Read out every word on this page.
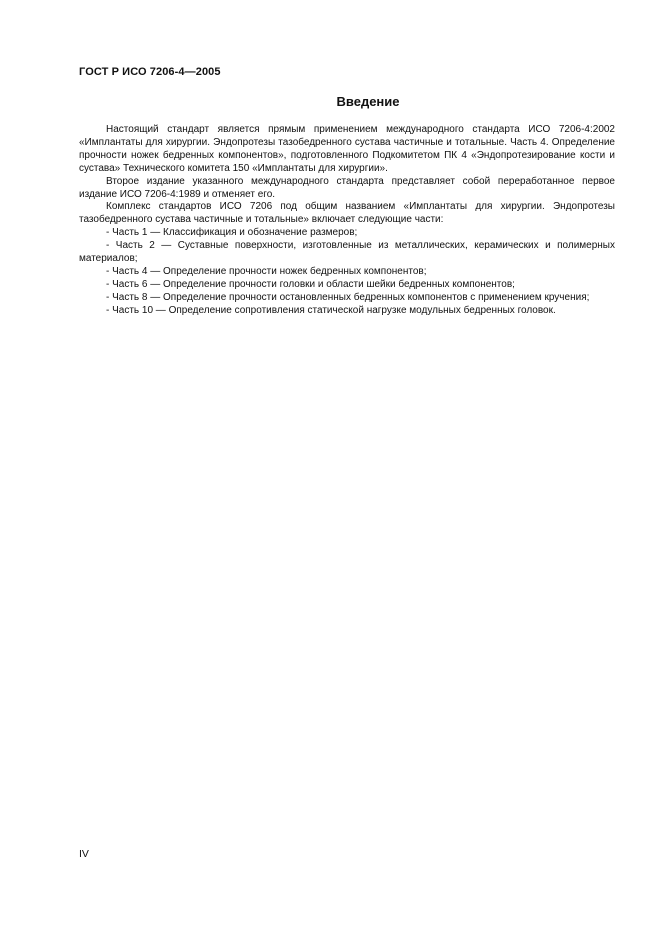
ГОСТ Р ИСО 7206-4—2005
Введение

Настоящий стандарт является прямым применением международного стандарта ИСО 7206-4:2002 «Имплантаты для хирургии. Эндопротезы тазобедренного сустава частичные и тотальные. Часть 4. Определение прочности ножек бедренных компонентов», подготовленного Подкомитетом ПК 4 «Эндопротезирование кости и сустава» Технического комитета 150 «Имплантаты для хирургии».

Второе издание указанного международного стандарта представляет собой переработанное первое издание ИСО 7206-4:1989 и отменяет его.

Комплекс стандартов ИСО 7206 под общим названием «Имплантаты для хирургии. Эндопротезы тазобедренного сустава частичные и тотальные» включает следующие части:

- Часть 1 — Классификация и обозначение размеров;

- Часть 2 — Суставные поверхности, изготовленные из металлических, керамических и полимерных материалов;

- Часть 4 — Определение прочности ножек бедренных компонентов;

- Часть 6 — Определение прочности головки и области шейки бедренных компонентов;

- Часть 8 — Определение прочности остановленных бедренных компонентов с применением кручения;

- Часть 10 — Определение сопротивления статической нагрузке модульных бедренных головок.

IV
